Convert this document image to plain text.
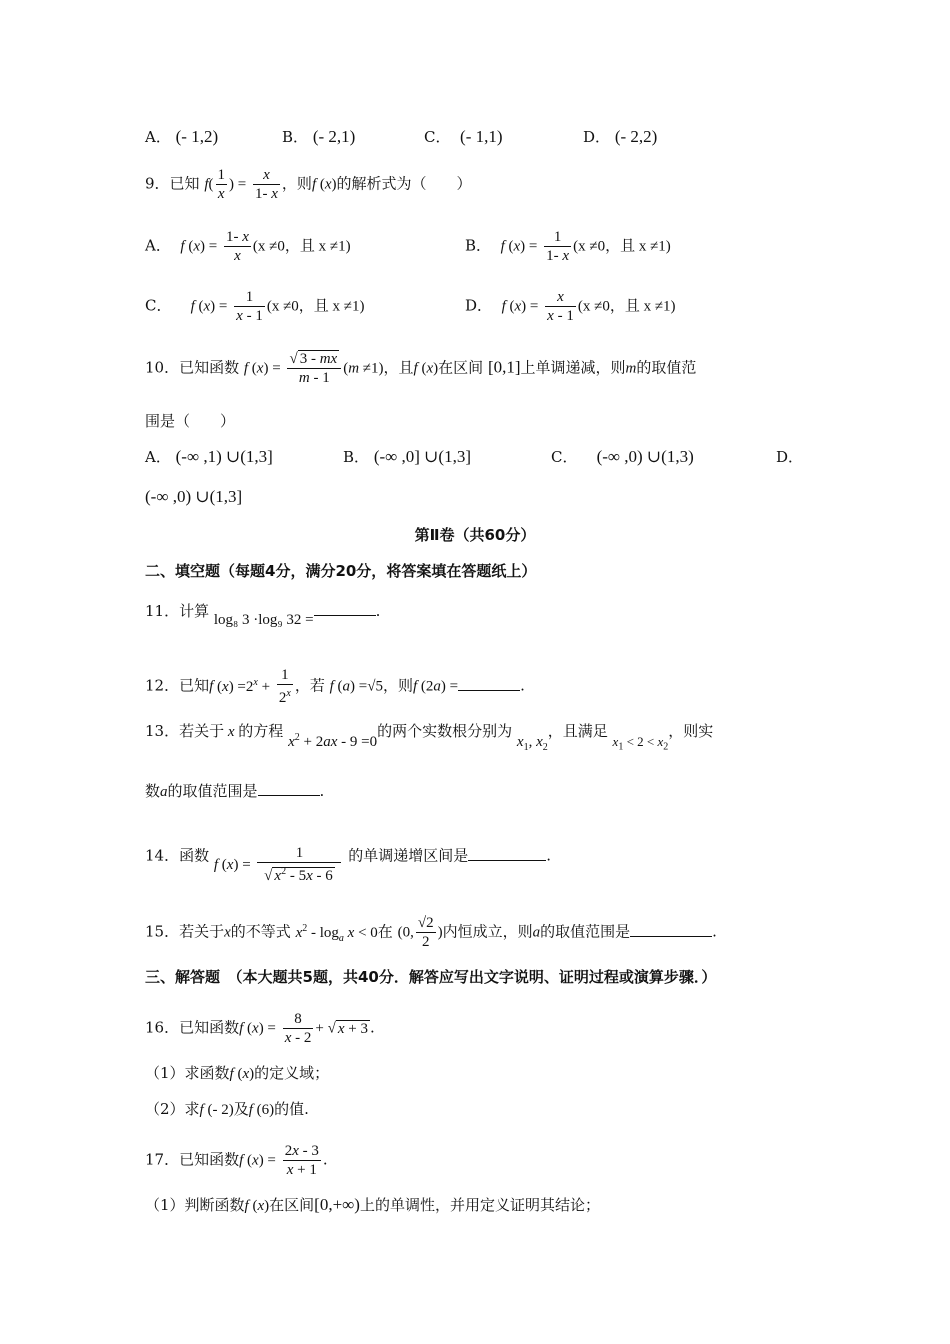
A． (- 1,2)	B． (- 2,1)	C． (- 1,1)	D． (- 2,2)
9．已知 $f( \frac{1}{x}$ ) = $\frac{x}{1- x}$ ，则f (x)的解析式为（　　）
A． f $(x) = \frac{1- x}{x} (x \ne 0$，且 x ≠1)	B． f $(x) = \frac{1}{1- x} (x \ne 0$，且 x ≠1)
C． f $(x) = \frac{1}{x - 1} (x \ne 0$，且 x ≠1)	D． f $(x) = \frac{x}{x - 1} (x \ne 0$，且 x ≠1)
10．已知函数 f $(x) = \frac{√ 3 - mx}{m - 1} (m \ne 1)$，且f (x)在区间 [0,1]上单调递减，则m的取值范
围是（　　）
A． (-∞ ,1) ∪(1,3]	B． (-∞ ,0] ∪(1,3]	C． (-∞ ,0) ∪(1,3)	D．
(-∞ ,0) ∪(1,3]
第Ⅱ卷（共60分）
二、填空题（每题4分，满分20分，将答案填在答题纸上）
11．计算 log₈ 3 ·log₉ 32 =	.
12．已知f $(x) =2^x + \frac{1}{2^x}$ ，若 f (a) =√5，则f (2a) =	.
13．若关于 x 的方程 $x^2 + 2ax - 9 =0$的两个实数根分别为 $x_1$, $x_2$，且满足 $x_1 < 2 < x_2$，则实
数a的取值范围是	.
14．函数 f $(x) = \frac{1}{√ x^2 - 5x - 6}$ 的单调递增区间是	.
15．若关于x的不等式 $x^2 - \log_a x < 0$在 (0, $\frac{√2}{2}$ )内恒成立，则a的取值范围是	.
三、解答题　（本大题共5题，共40分．解答应写出文字说明、证明过程或演算步骤．）
16．已知函数f $(x) = \frac{8}{x - 2}$ + √ x + 3 .
（1）求函数f (x)的定义域；
（2）求f (- 2)及f (6)的值.
17．已知函数f $(x) = \frac{2x - 3}{x + 1}$ .
（1）判断函数f (x)在区间[0,+∞)上的单调性，并用定义证明其结论；
